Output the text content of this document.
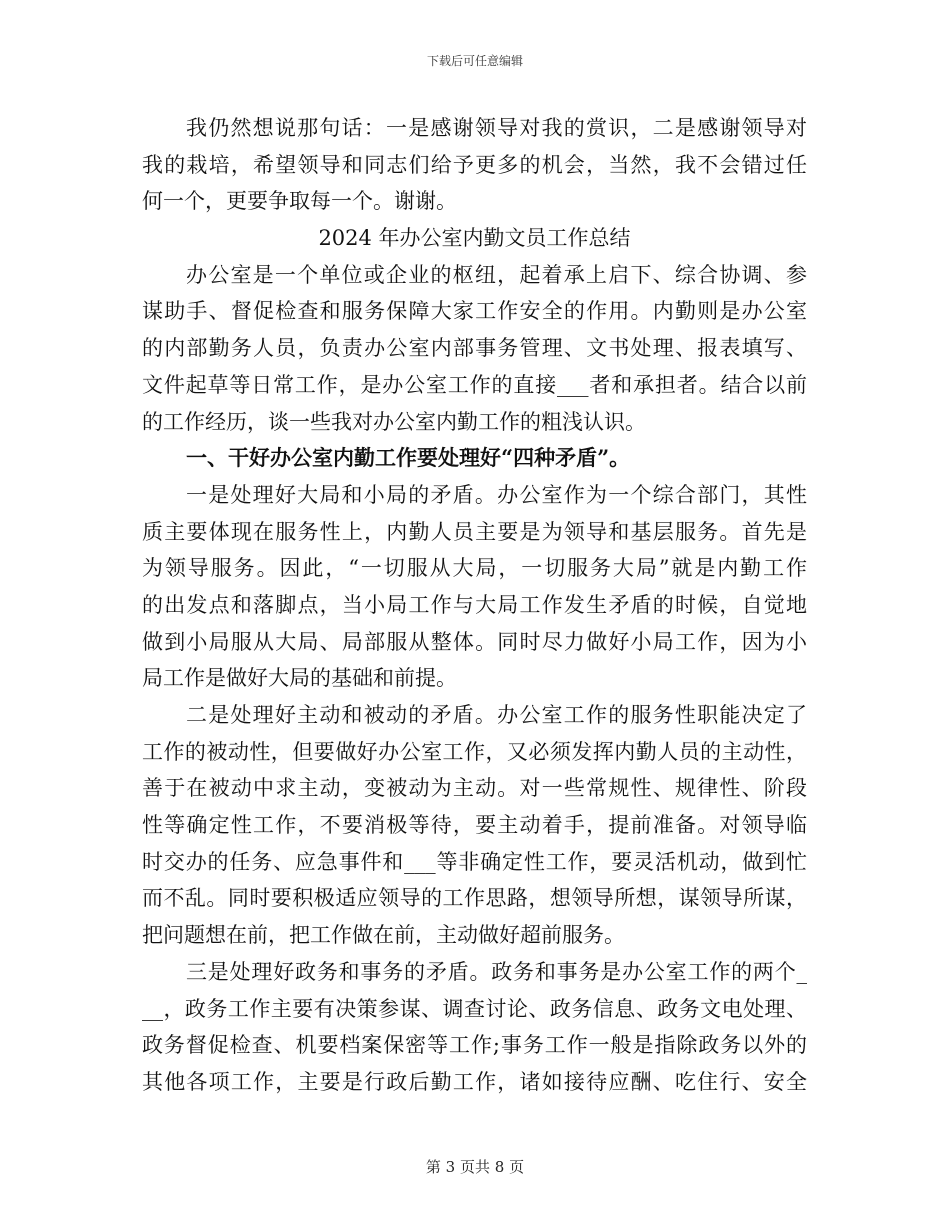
下载后可任意编辑
我仍然想说那句话：一是感谢领导对我的赏识，二是感谢领导对
我的栽培，希望领导和同志们给予更多的机会，当然，我不会错过任
何一个，更要争取每一个。谢谢。
2024 年办公室内勤文员工作总结
办公室是一个单位或企业的枢纽，起着承上启下、综合协调、参
谋助手、督促检查和服务保障大家工作安全的作用。内勤则是办公室
的内部勤务人员，负责办公室内部事务管理、文书处理、报表填写、
文件起草等日常工作，是办公室工作的直接___者和承担者。结合以前
的工作经历，谈一些我对办公室内勤工作的粗浅认识。
一、干好办公室内勤工作要处理好“四种矛盾”。
一是处理好大局和小局的矛盾。办公室作为一个综合部门，其性
质主要体现在服务性上，内勤人员主要是为领导和基层服务。首先是
为领导服务。因此，“一切服从大局，一切服务大局”就是内勤工作
的出发点和落脚点，当小局工作与大局工作发生矛盾的时候，自觉地
做到小局服从大局、局部服从整体。同时尽力做好小局工作，因为小
局工作是做好大局的基础和前提。
二是处理好主动和被动的矛盾。办公室工作的服务性职能决定了
工作的被动性，但要做好办公室工作，又必须发挥内勤人员的主动性，
善于在被动中求主动，变被动为主动。对一些常规性、规律性、阶段
性等确定性工作，不要消极等待，要主动着手，提前准备。对领导临
时交办的任务、应急事件和___等非确定性工作，要灵活机动，做到忙
而不乱。同时要积极适应领导的工作思路，想领导所想，谋领导所谋，
把问题想在前，把工作做在前，主动做好超前服务。
三是处理好政务和事务的矛盾。政务和事务是办公室工作的两个_
__，政务工作主要有决策参谋、调查讨论、政务信息、政务文电处理、
政务督促检查、机要档案保密等工作;事务工作一般是指除政务以外的
其他各项工作，主要是行政后勤工作，诸如接待应酬、吃住行、安全
第 3 页共 8 页
